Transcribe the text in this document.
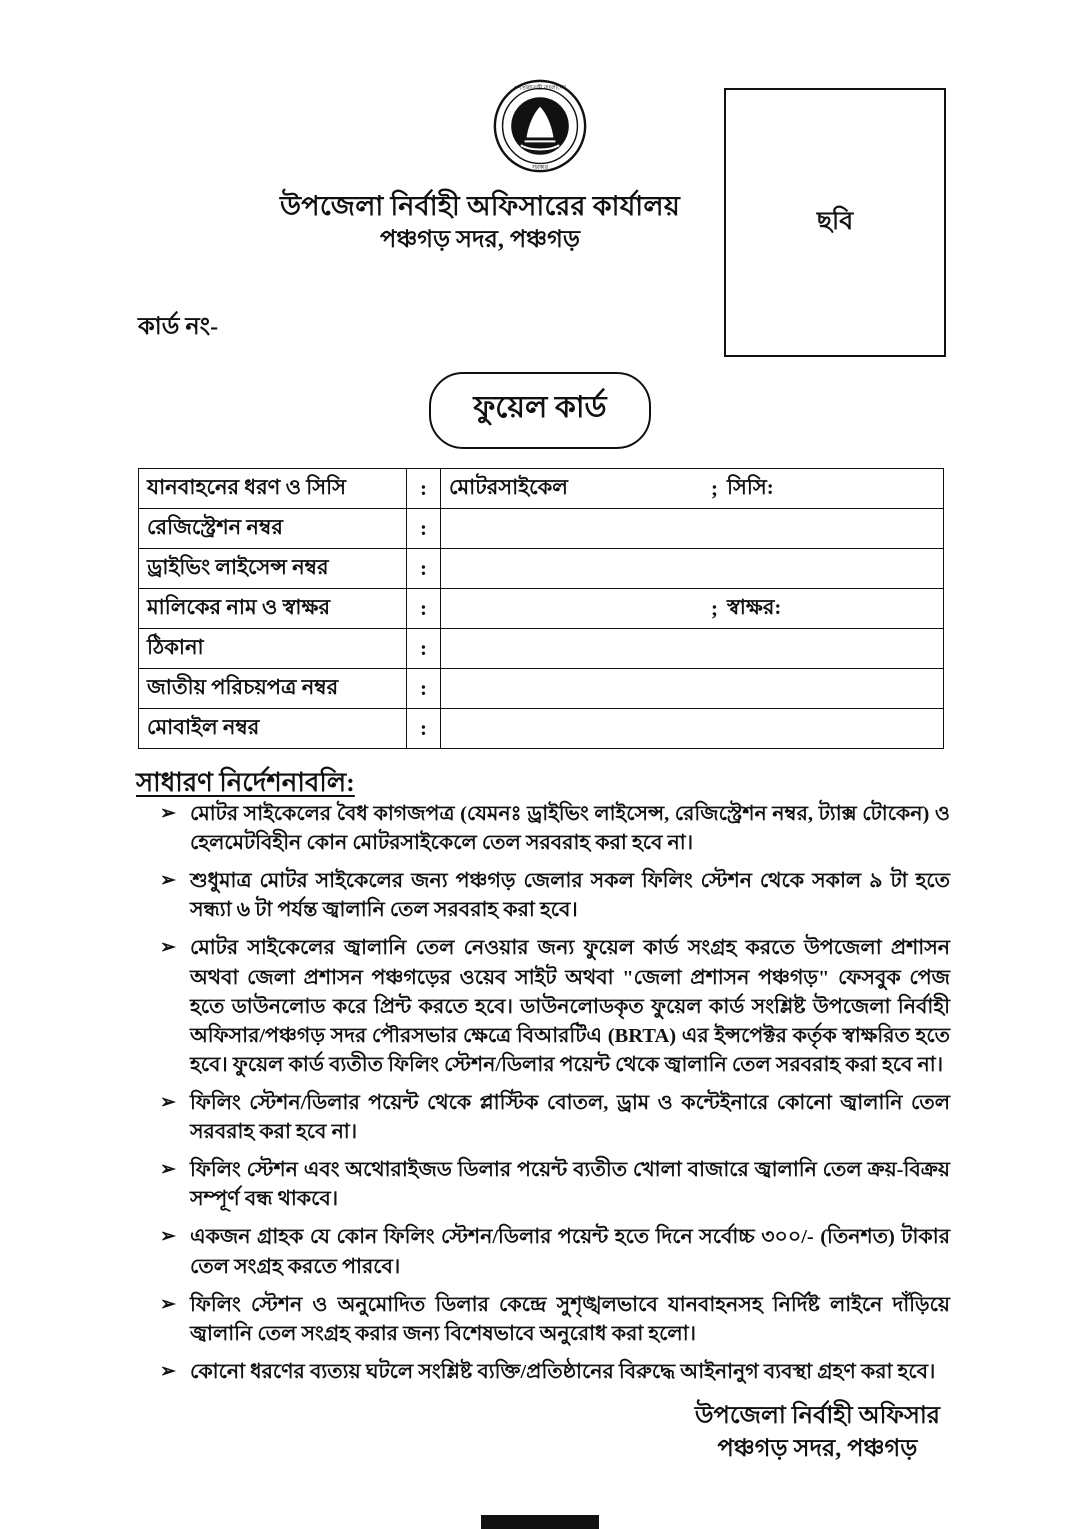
গণপ্রজাতন্ত্রী বাংলাদেশ
সরকার
উপজেলা নির্বাহী অফিসারের কার্যালয়
পঞ্চগড় সদর, পঞ্চগড়
ছবি
কার্ড নং-
ফুয়েল কার্ড
যানবাহনের ধরণ ও সিসি	:	মোটরসাইকেল ; সিসি:

রেজিস্ট্রেশন নম্বর	:	
ড্রাইভিং লাইসেন্স নম্বর	:	
মালিকের নাম ও স্বাক্ষর	:	; স্বাক্ষর:

ঠিকানা	:	
জাতীয় পরিচয়পত্র নম্বর	:	
মোবাইল নম্বর	:	
সাধারণ নির্দেশনাবলি:
➢ মোটর সাইকেলের বৈধ কাগজপত্র (যেমনঃ ড্রাইভিং লাইসেন্স, রেজিস্ট্রেশন নম্বর, ট্যাক্স টোকেন) ও হেলমেটবিহীন কোন মোটরসাইকেলে তেল সরবরাহ করা হবে না।
➢ শুধুমাত্র মোটর সাইকেলের জন্য পঞ্চগড় জেলার সকল ফিলিং স্টেশন থেকে সকাল ৯ টা হতে সন্ধ্যা ৬ টা পর্যন্ত জ্বালানি তেল সরবরাহ করা হবে।
➢ মোটর সাইকেলের জ্বালানি তেল নেওয়ার জন্য ফুয়েল কার্ড সংগ্রহ করতে উপজেলা প্রশাসন অথবা জেলা প্রশাসন পঞ্চগড়ের ওয়েব সাইট অথবা "জেলা প্রশাসন পঞ্চগড়" ফেসবুক পেজ হতে ডাউনলোড করে প্রিন্ট করতে হবে। ডাউনলোডকৃত ফুয়েল কার্ড সংশ্লিষ্ট উপজেলা নির্বাহী অফিসার/পঞ্চগড় সদর পৌরসভার ক্ষেত্রে বিআরটিএ (BRTA) এর ইন্সপেক্টর কর্তৃক স্বাক্ষরিত হতে হবে। ফুয়েল কার্ড ব্যতীত ফিলিং স্টেশন/ডিলার পয়েন্ট থেকে জ্বালানি তেল সরবরাহ করা হবে না।
➢ ফিলিং স্টেশন/ডিলার পয়েন্ট থেকে প্লাস্টিক বোতল, ড্রাম ও কন্টেইনারে কোনো জ্বালানি তেল সরবরাহ করা হবে না।
➢ ফিলিং স্টেশন এবং অথোরাইজড ডিলার পয়েন্ট ব্যতীত খোলা বাজারে জ্বালানি তেল ক্রয়-বিক্রয় সম্পূর্ণ বন্ধ থাকবে।
➢ একজন গ্রাহক যে কোন ফিলিং স্টেশন/ডিলার পয়েন্ট হতে দিনে সর্বোচ্চ ৩০০/- (তিনশত) টাকার তেল সংগ্রহ করতে পারবে।
➢ ফিলিং স্টেশন ও অনুমোদিত ডিলার কেন্দ্রে সুশৃঙ্খলভাবে যানবাহনসহ নির্দিষ্ট লাইনে দাঁড়িয়ে জ্বালানি তেল সংগ্রহ করার জন্য বিশেষভাবে অনুরোধ করা হলো।
➢ কোনো ধরণের ব্যত্যয় ঘটলে সংশ্লিষ্ট ব্যক্তি/প্রতিষ্ঠানের বিরুদ্ধে আইনানুগ ব্যবস্থা গ্রহণ করা হবে।
উপজেলা নির্বাহী অফিসার
পঞ্চগড় সদর, পঞ্চগড়
